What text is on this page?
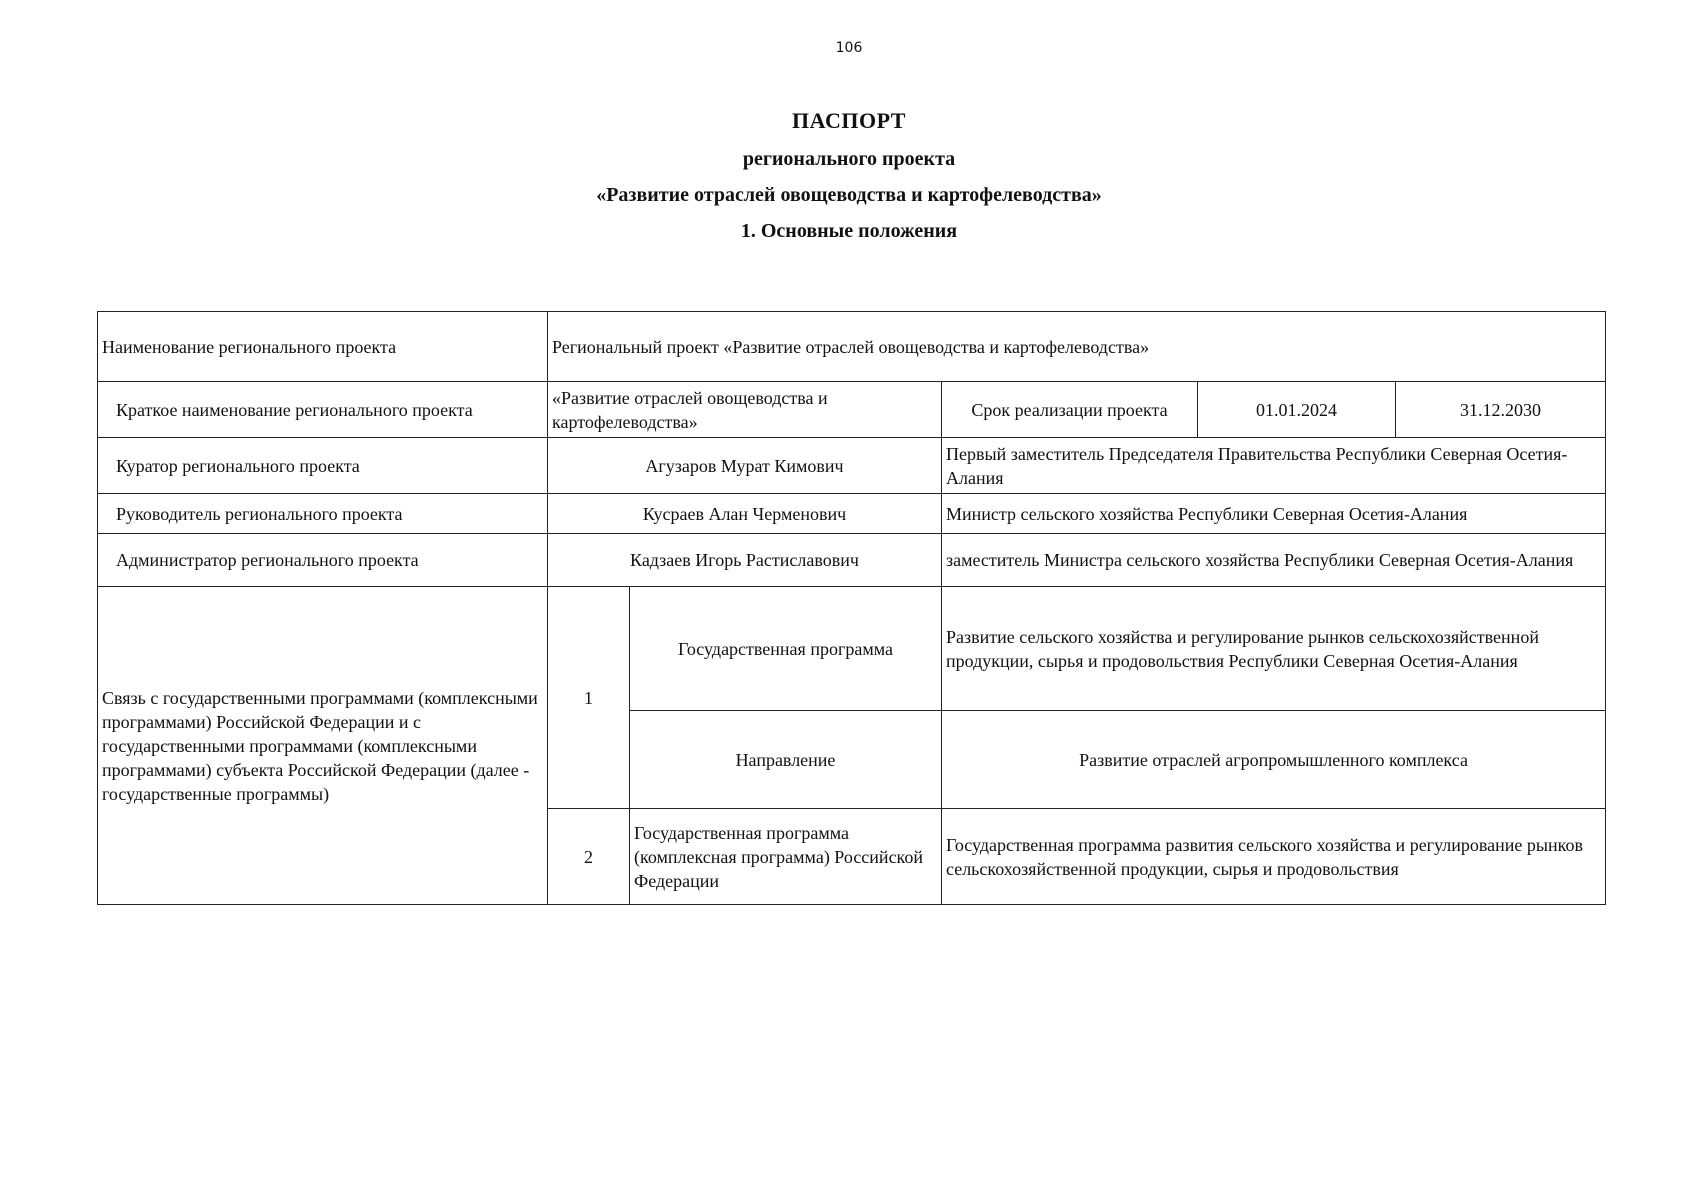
106
ПАСПОРТ
регионального проекта
«Развитие отраслей овощеводства и картофелеводства»
1. Основные положения
Наименование регионального проекта	Региональный проект «Развитие отраслей овощеводства и картофелеводства»				
Краткое наименование регионального проекта	«Развитие отраслей овощеводства и картофелеводства»		Срок реализации проекта	01.01.2024	31.12.2030
Куратор регионального проекта	Агузаров Мурат Кимович		Первый заместитель Председателя Правительства Республики Северная Осетия-Алания		
Руководитель регионального проекта	Кусраев Алан Черменович		Министр сельского хозяйства Республики Северная Осетия-Алания		
Администратор регионального проекта	Кадзаев Игорь Растиславович		заместитель Министра сельского хозяйства Республики Северная Осетия-Алания		
Связь с государственными программами (комплексными программами) Российской Федерации и с государственными программами (комплексными программами) субъекта Российской Федерации (далее - государственные программы)	1	Государственная программа	Развитие сельского хозяйства и регулирование рынков сельскохозяйственной продукции, сырья и продовольствия Республики Северная Осетия-Алания		
		Направление	Развитие отраслей агропромышленного комплекса		
	2	Государственная программа (комплексная программа) Российской Федерации	Государственная программа развития сельского хозяйства и регулирование рынков сельскохозяйственной продукции, сырья и продовольствия		
